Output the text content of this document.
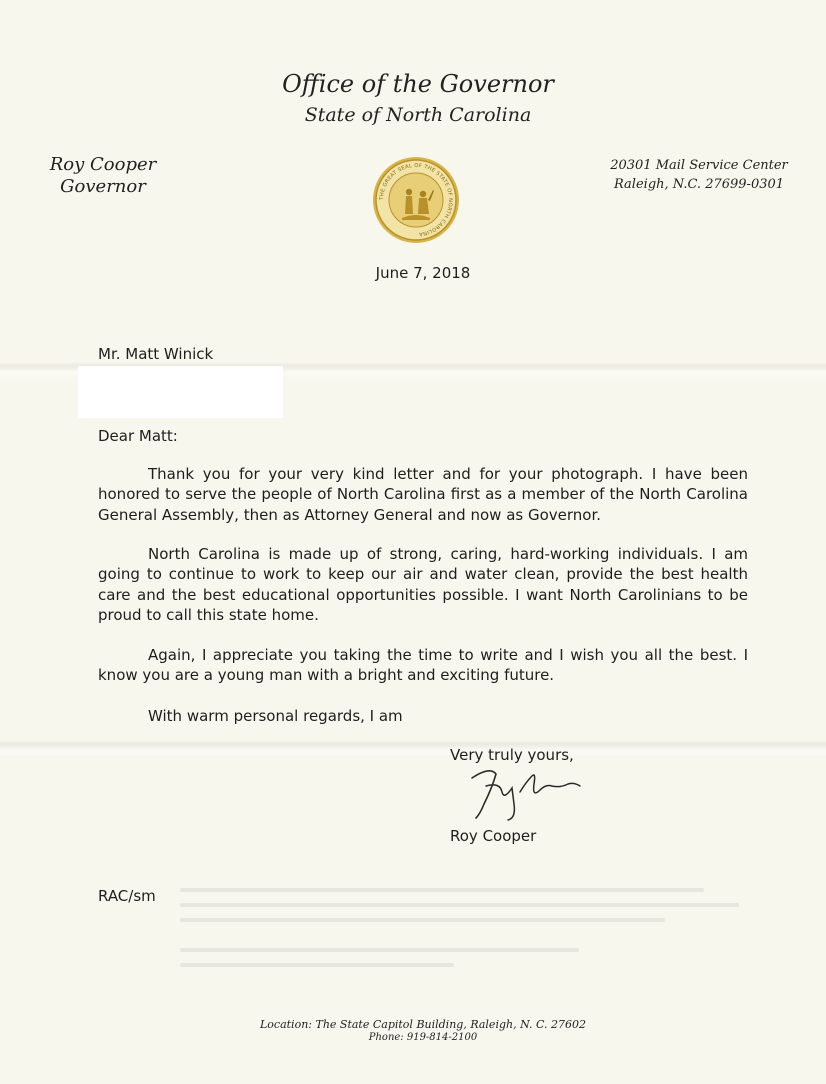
Office of the Governor
State of North Carolina
Roy Cooper
Governor
THE GREAT SEAL OF THE STATE OF NORTH CAROLINA
20301 Mail Service Center
Raleigh, N.C. 27699-0301
June 7, 2018
Mr. Matt Winick
Dear Matt:
Thank you for your very kind letter and for your photograph. I have been honored to serve the people of North Carolina first as a member of the North Carolina General Assembly, then as Attorney General and now as Governor.
North Carolina is made up of strong, caring, hard-working individuals. I am going to continue to work to keep our air and water clean, provide the best health care and the best educational opportunities possible. I want North Carolinians to be proud to call this state home.
Again, I appreciate you taking the time to write and I wish you all the best. I know you are a young man with a bright and exciting future.
With warm personal regards, I am
Very truly yours,
Roy Cooper
RAC/sm
Location: The State Capitol Building, Raleigh, N. C. 27602
Phone: 919-814-2100
